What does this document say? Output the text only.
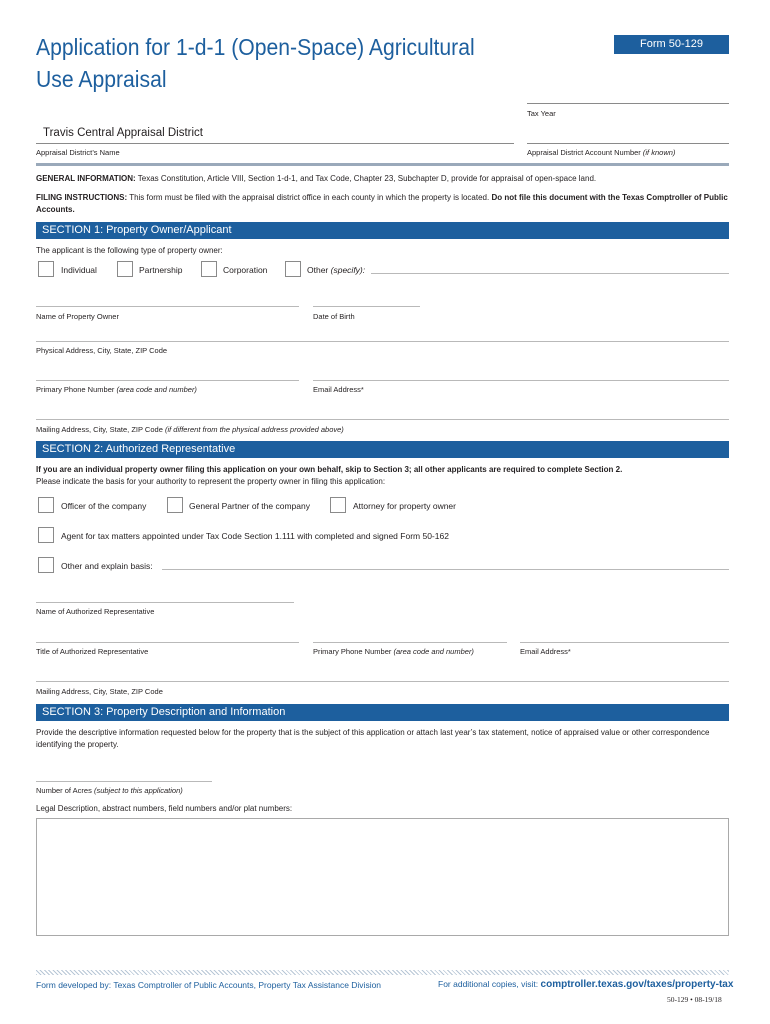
Application for 1-d-1 (Open-Space) Agricultural
Use Appraisal
Form 50-129
Tax Year
Travis Central Appraisal District
Appraisal District’s Name	Appraisal District Account Number (if known)
GENERAL INFORMATION: Texas Constitution, Article VIII, Section 1-d-1, and Tax Code, Chapter 23, Subchapter D, provide for appraisal of open-space land.
FILING INSTRUCTIONS: This form must be filed with the appraisal district office in each county in which the property is located. Do not file this document with the Texas Comptroller of Public Accounts.
SECTION 1: Property Owner/Applicant
The applicant is the following type of property owner:
Individual	Partnership	Corporation	Other (specify):
Name of Property Owner	Date of Birth
Physical Address, City, State, ZIP Code
Primary Phone Number (area code and number)	Email Address*
Mailing Address, City, State, ZIP Code (if different from the physical address provided above)
SECTION 2: Authorized Representative
If you are an individual property owner filing this application on your own behalf, skip to Section 3; all other applicants are required to complete Section 2.
Please indicate the basis for your authority to represent the property owner in filing this application:
Officer of the company	General Partner of the company	Attorney for property owner
Agent for tax matters appointed under Tax Code Section 1.111 with completed and signed Form 50-162
Other and explain basis:
Name of Authorized Representative
Title of Authorized Representative	Primary Phone Number (area code and number)	Email Address*
Mailing Address, City, State, ZIP Code
SECTION 3: Property Description and Information
Provide the descriptive information requested below for the property that is the subject of this application or attach last year’s tax statement, notice of appraised value or other correspondence identifying the property.
Number of Acres (subject to this application)
Legal Description, abstract numbers, field numbers and/or plat numbers:
Form developed by: Texas Comptroller of Public Accounts, Property Tax Assistance Division	For additional copies, visit: comptroller.texas.gov/taxes/property-tax
50-129 • 08-19/18
